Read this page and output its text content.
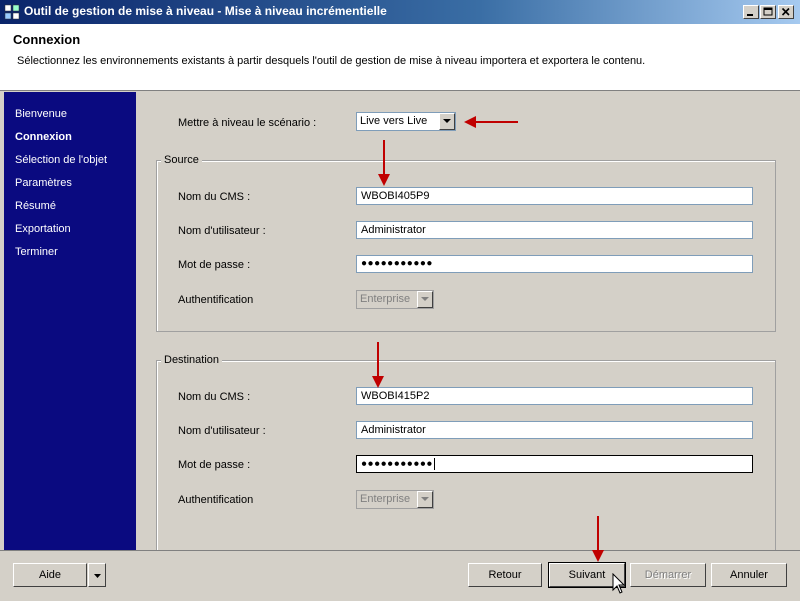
Outil de gestion de mise à niveau - Mise à niveau incrémentielle
Connexion
Sélectionnez les environnements existants à partir desquels l'outil de gestion de mise à niveau importera et exportera le contenu.
Bienvenue
Connexion
Sélection de l'objet
Paramètres
Résumé
Exportation
Terminer
Mettre à niveau le scénario :	Live vers Live
Source
Nom du CMS :	WBOBI405P9
Nom d'utilisateur :	Administrator
Mot de passe :	●●●●●●●●●●●
Authentification	Enterprise
Destination
Nom du CMS :	WBOBI415P2
Nom d'utilisateur :	Administrator
Mot de passe :	●●●●●●●●●●●
Authentification	Enterprise
Aide	Retour	Suivant	Démarrer	Annuler
